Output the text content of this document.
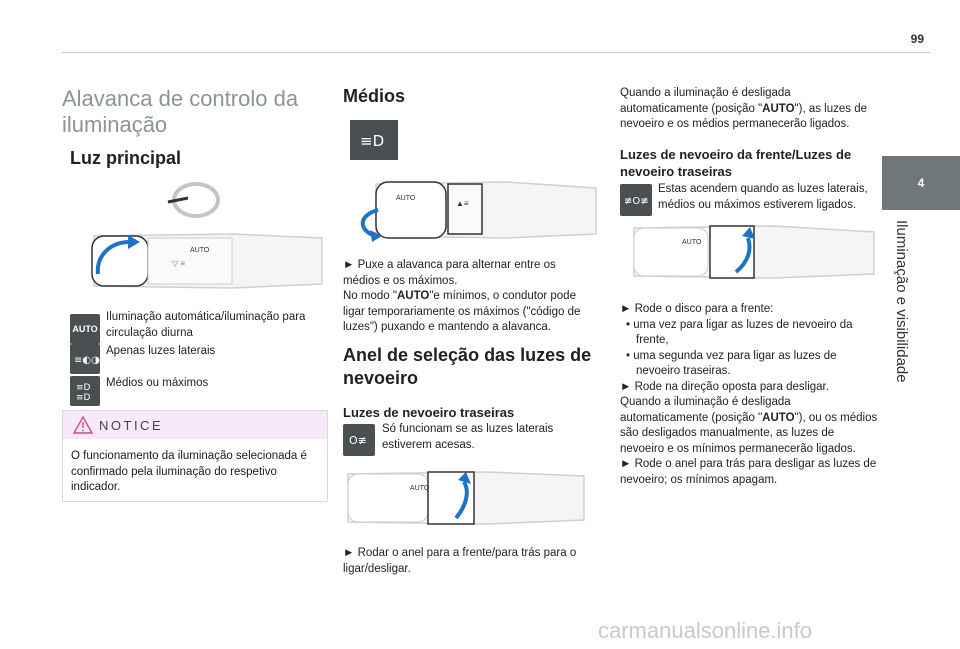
99
4
Iluminação e visibilidade
Alavanca de controlo da
iluminação
Luz principal
AUTO
▽ ≡
AUTO
Iluminação automática/iluminação para circulação diurna
≡◐◑≡
Apenas luzes laterais
≡D
≡D
Médios ou máximos
NOTICE
O funcionamento da iluminação selecionada é confirmado pela iluminação do respetivo indicador.
Médios
≡D
AUTO
▲≡
► Puxe a alavanca para alternar entre os médios e os máximos.
No modo "AUTO"e mínimos, o condutor pode ligar temporariamente os máximos ("código de luzes") puxando e mantendo a alavanca.
Anel de seleção das luzes de nevoeiro
Luzes de nevoeiro traseiras
O≢
Só funcionam se as luzes laterais estiverem acesas.
AUTO
► Rodar o anel para a frente/para trás para o ligar/desligar.
Quando a iluminação é desligada automaticamente (posição "AUTO"), as luzes de nevoeiro e os médios permanecerão ligados.
Luzes de nevoeiro da frente/Luzes de nevoeiro traseiras
≢O≢
Estas acendem quando as luzes laterais, médios ou máximos estiverem ligados.
AUTO
► Rode o disco para a frente:
• uma vez para ligar as luzes de nevoeiro da frente,
• uma segunda vez para ligar as luzes de nevoeiro traseiras.
► Rode na direção oposta para desligar.
Quando a iluminação é desligada automaticamente (posição "AUTO"), ou os médios são desligados manualmente, as luzes de nevoeiro e os mínimos permanecerão ligados.
► Rode o anel para trás para desligar as luzes de nevoeiro; os mínimos apagam.
carmanualsonline.info
